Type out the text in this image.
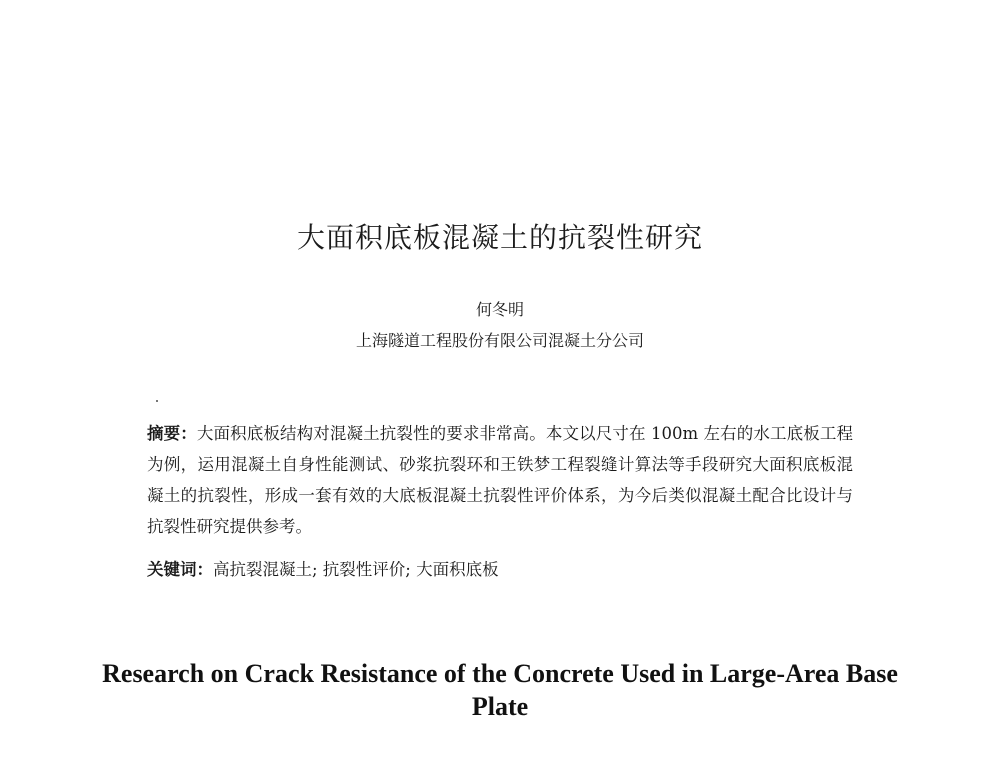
大面积底板混凝土的抗裂性研究
何冬明
上海隧道工程股份有限公司混凝土分公司
摘要：大面积底板结构对混凝土抗裂性的要求非常高。本文以尺寸在 100m 左右的水工底板工程为例，运用混凝土自身性能测试、砂浆抗裂环和王铁梦工程裂缝计算法等手段研究大面积底板混凝土的抗裂性，形成一套有效的大底板混凝土抗裂性评价体系，为今后类似混凝土配合比设计与抗裂性研究提供参考。
关键词：高抗裂混凝土; 抗裂性评价; 大面积底板
Research on Crack Resistance of the Concrete Used in Large-Area Base Plate
